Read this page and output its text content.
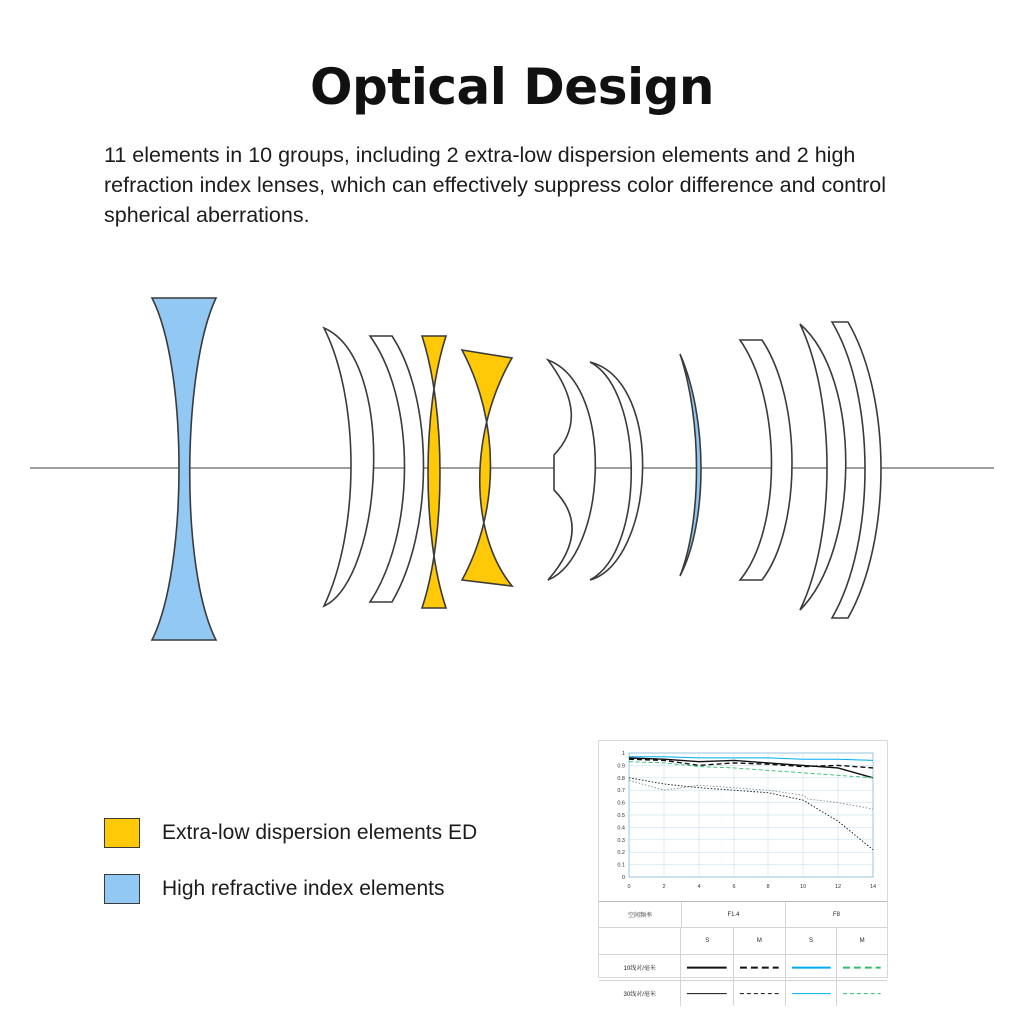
Optical Design
11 elements in 10 groups, including 2 extra-low dispersion elements and 2 high refraction index lenses, which can effectively suppress color difference and control spherical aberrations.
Extra-low dispersion elements ED
High refractive index elements
1
0.9
0.8
0.7
0.6
0.5
0.4
0.3
0.2
0.1
0
0	2	4	6	8	10	12	14
空间频率	F1.4	F8
S	M	S	M
10线对/毫米
30线对/毫米
